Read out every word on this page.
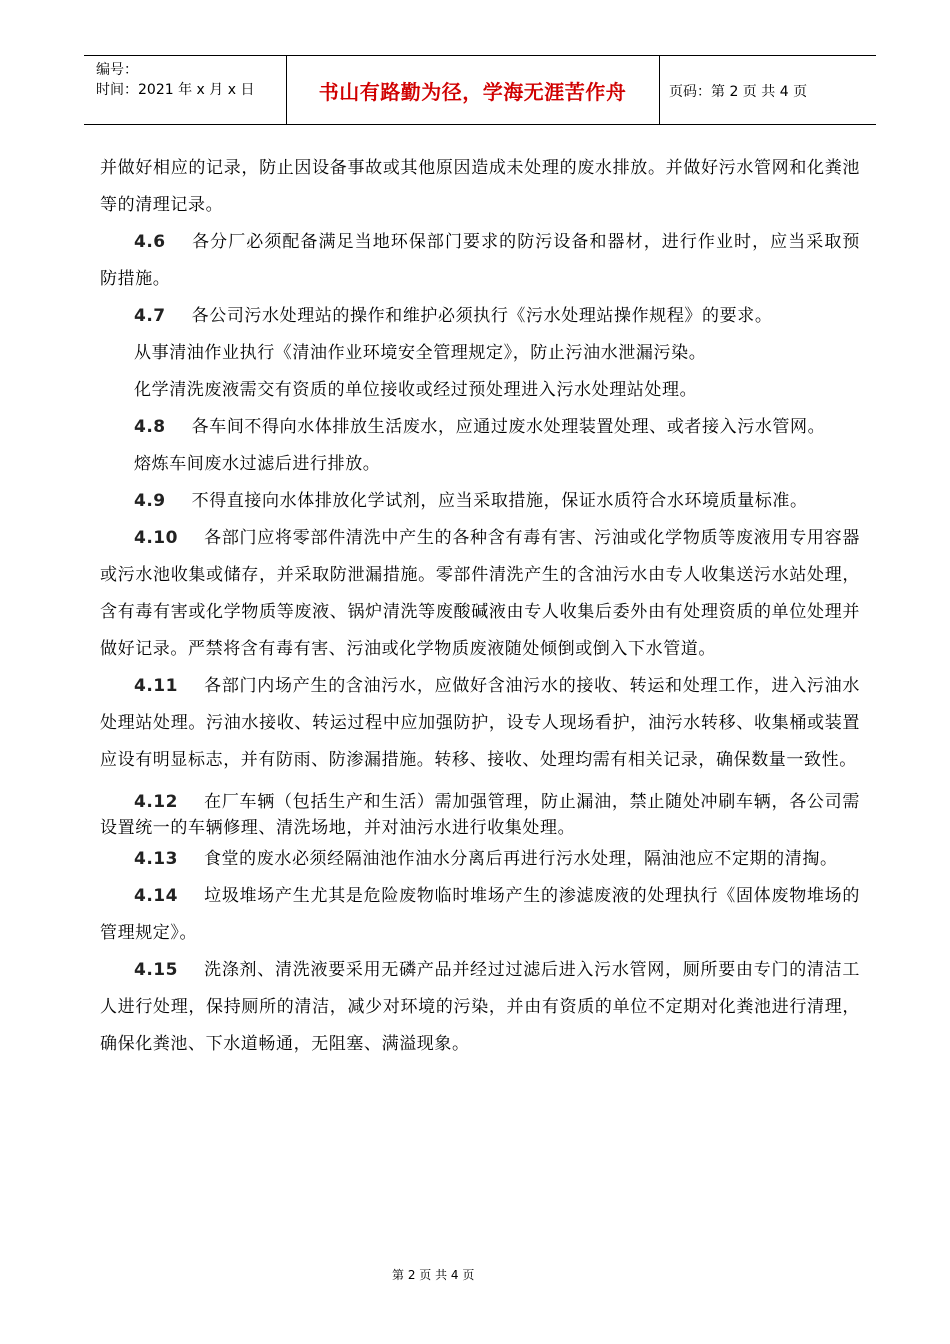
编号：
时间：2021 年 x 月 x 日	书山有路勤为径，学海无涯苦作舟	页码：第 2 页 共 4 页

并做好相应的记录，防止因设备事故或其他原因造成未处理的废水排放。并做好污水管网和化粪池等的清理记录。

4.6 各分厂必须配备满足当地环保部门要求的防污设备和器材，进行作业时，应当采取预防措施。

4.7 各公司污水处理站的操作和维护必须执行《污水处理站操作规程》的要求。

从事清油作业执行《清油作业环境安全管理规定》，防止污油水泄漏污染。

化学清洗废液需交有资质的单位接收或经过预处理进入污水处理站处理。

4.8 各车间不得向水体排放生活废水，应通过废水处理装置处理、或者接入污水管网。

熔炼车间废水过滤后进行排放。

4.9 不得直接向水体排放化学试剂，应当采取措施，保证水质符合水环境质量标准。

4.10 各部门应将零部件清洗中产生的各种含有毒有害、污油或化学物质等废液用专用容器或污水池收集或储存，并采取防泄漏措施。零部件清洗产生的含油污水由专人收集送污水站处理，含有毒有害或化学物质等废液、锅炉清洗等废酸碱液由专人收集后委外由有处理资质的单位处理并做好记录。严禁将含有毒有害、污油或化学物质废液随处倾倒或倒入下水管道。

4.11 各部门内场产生的含油污水，应做好含油污水的接收、转运和处理工作，进入污油水处理站处理。污油水接收、转运过程中应加强防护，设专人现场看护，油污水转移、收集桶或装置应设有明显标志，并有防雨、防渗漏措施。转移、接收、处理均需有相关记录，确保数量一致性。

4.12 在厂车辆（包括生产和生活）需加强管理，防止漏油，禁止随处冲刷车辆，各公司需设置统一的车辆修理、清洗场地，并对油污水进行收集处理。

4.13 食堂的废水必须经隔油池作油水分离后再进行污水处理，隔油池应不定期的清掏。

4.14 垃圾堆场产生尤其是危险废物临时堆场产生的渗滤废液的处理执行《固体废物堆场的管理规定》。

4.15 洗涤剂、清洗液要采用无磷产品并经过过滤后进入污水管网，厕所要由专门的清洁工人进行处理，保持厕所的清洁，减少对环境的污染，并由有资质的单位不定期对化粪池进行清理，确保化粪池、下水道畅通，无阻塞、满溢现象。

第 2 页 共 4 页
